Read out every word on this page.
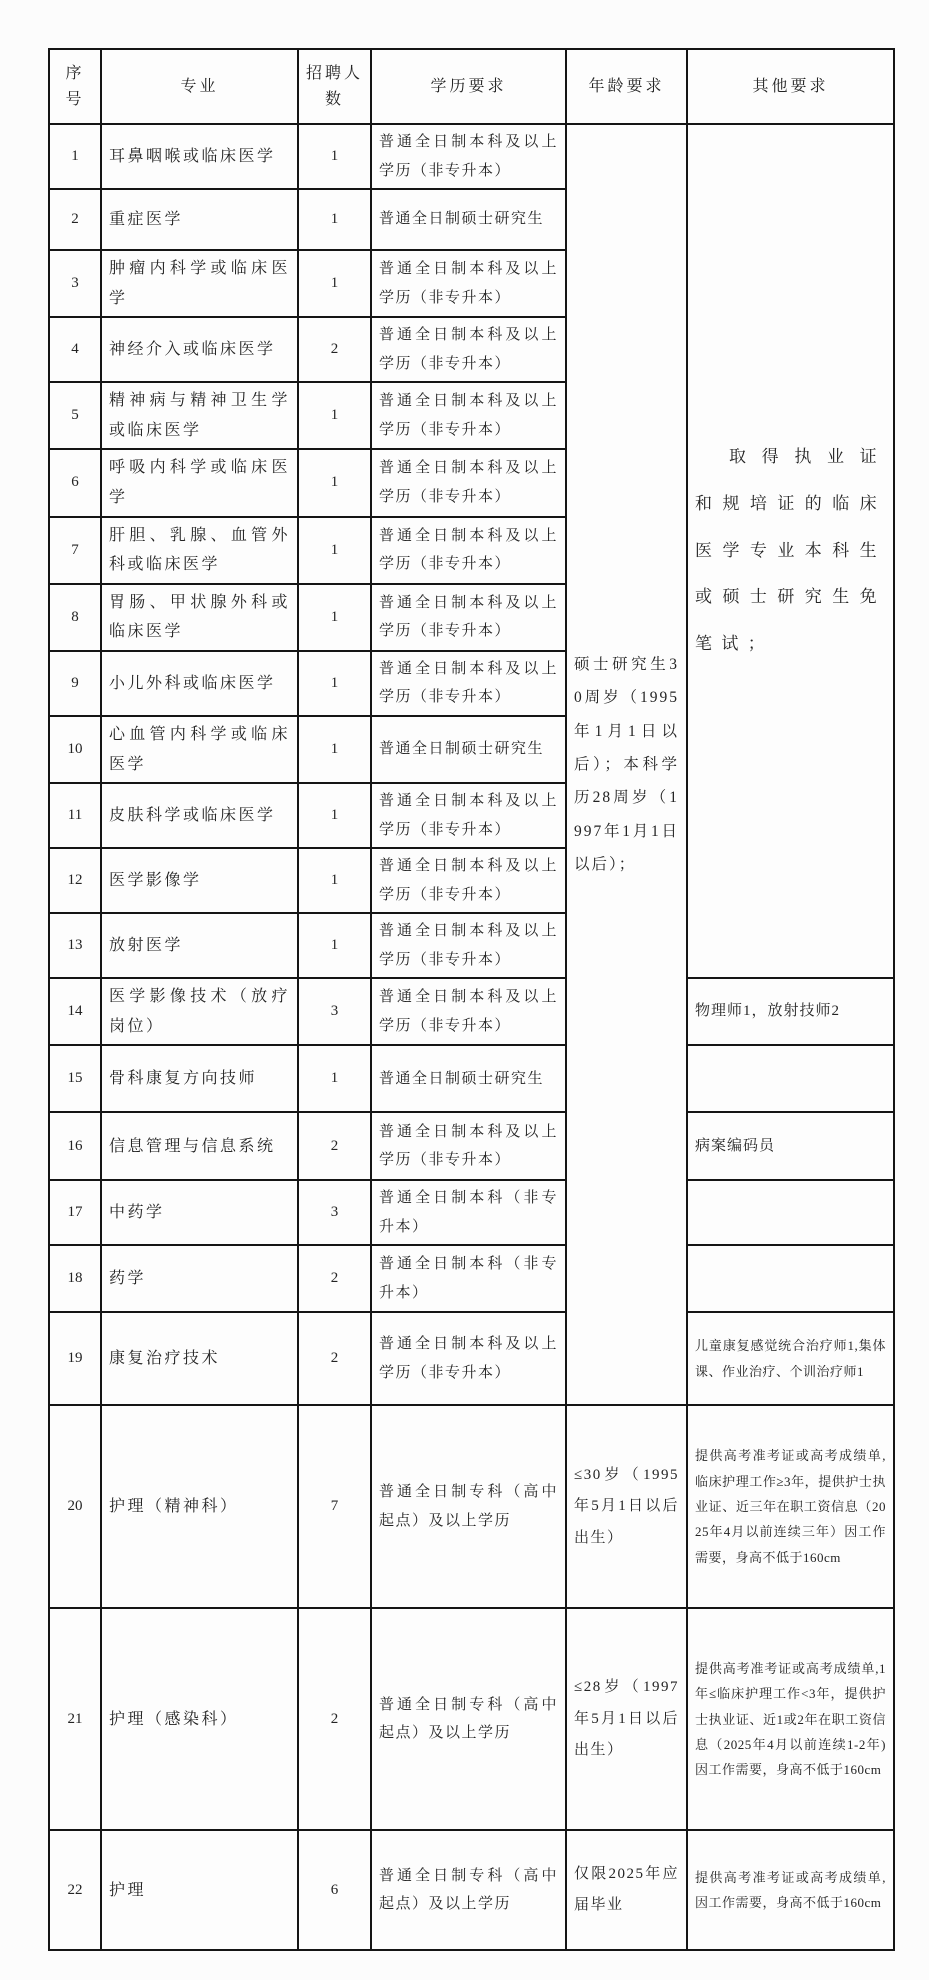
序号	专业	招聘人数	学历要求	年龄要求	其他要求
1	耳鼻咽喉或临床医学	1	普通全日制本科及以上学历（非专升本）	硕士研究生30周岁（1995年1月1日以后）；本科学历28周岁（1997年1月1日以后）；	取得执业证和规培证的临床医学专业本科生或硕士研究生免笔试；
2	重症医学	1	普通全日制硕士研究生		
3	肿瘤内科学或临床医学	1	普通全日制本科及以上学历（非专升本）		
4	神经介入或临床医学	2	普通全日制本科及以上学历（非专升本）		
5	精神病与精神卫生学或临床医学	1	普通全日制本科及以上学历（非专升本）		
6	呼吸内科学或临床医学	1	普通全日制本科及以上学历（非专升本）		
7	肝胆、乳腺、血管外科或临床医学	1	普通全日制本科及以上学历（非专升本）		
8	胃肠、甲状腺外科或临床医学	1	普通全日制本科及以上学历（非专升本）		
9	小儿外科或临床医学	1	普通全日制本科及以上学历（非专升本）		
10	心血管内科学或临床医学	1	普通全日制硕士研究生		
11	皮肤科学或临床医学	1	普通全日制本科及以上学历（非专升本）		
12	医学影像学	1	普通全日制本科及以上学历（非专升本）		
13	放射医学	1	普通全日制本科及以上学历（非专升本）		
14	医学影像技术（放疗岗位）	3	普通全日制本科及以上学历（非专升本）		物理师1，放射技师2
15	骨科康复方向技师	1	普通全日制硕士研究生		
16	信息管理与信息系统	2	普通全日制本科及以上学历（非专升本）		病案编码员
17	中药学	3	普通全日制本科（非专升本）		
18	药学	2	普通全日制本科（非专升本）		
19	康复治疗技术	2	普通全日制本科及以上学历（非专升本）		儿童康复感觉统合治疗师1,集体课、作业治疗、个训治疗师1
20	护理（精神科）	7	普通全日制专科（高中起点）及以上学历	≤30岁（1995年5月1日以后出生）	提供高考准考证或高考成绩单,临床护理工作≥3年，提供护士执业证、近三年在职工资信息（2025年4月以前连续三年）因工作需要，身高不低于160cm
21	护理（感染科）	2	普通全日制专科（高中起点）及以上学历	≤28岁（1997年5月1日以后出生）	提供高考准考证或高考成绩单,1年≤临床护理工作<3年，提供护士执业证、近1或2年在职工资信息（2025年4月以前连续1-2年)因工作需要，身高不低于160cm
22	护理	6	普通全日制专科（高中起点）及以上学历	仅限2025年应届毕业	提供高考准考证或高考成绩单,因工作需要，身高不低于160cm
